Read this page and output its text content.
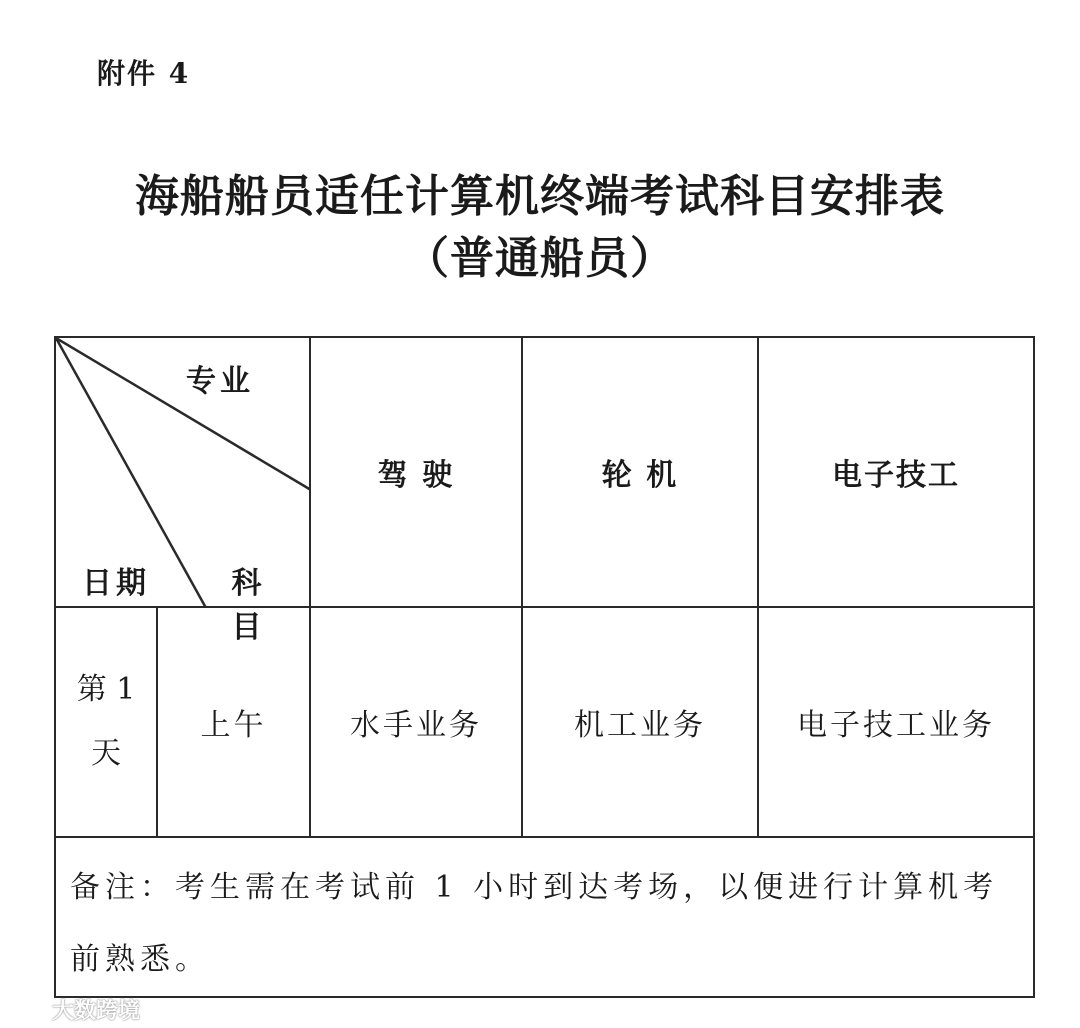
附件 4
海船船员适任计算机终端考试科目安排表
（普通船员）
专业
日期 科 目		驾 驶	轮 机	电子技工

第 1 天	上午	水手业务	机工业务	电子技工业务
备注：考生需在考试前 1 小时到达考场，以便进行计算机考前熟悉。				
大数跨境
